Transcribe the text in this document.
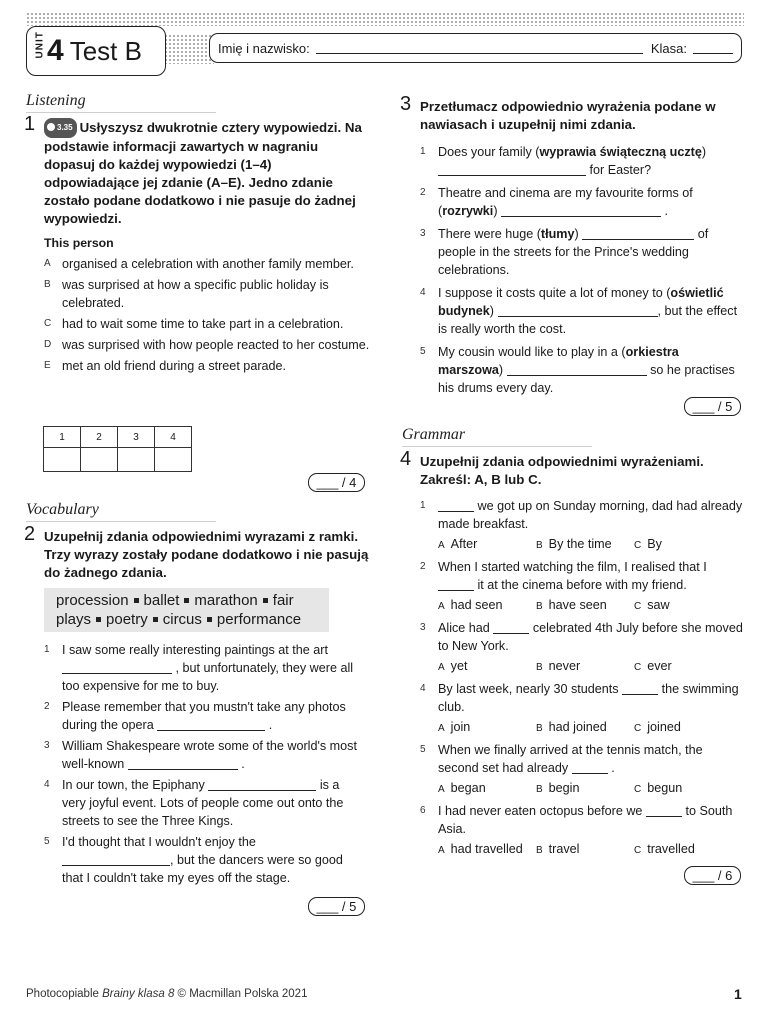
UNIT 4 Test B	Imię i nazwisko:	Klasa:
Listening
1	3.35 Usłyszysz dwukrotnie cztery wypowiedzi. Na podstawie informacji zawartych w nagraniu dopasuj do każdej wypowiedzi (1–4) odpowiadające jej zdanie (A–E). Jedno zdanie zostało podane dodatkowo i nie pasuje do żadnej wypowiedzi.
This person
A organised a celebration with another family member.
B was surprised at how a specific public holiday is celebrated.
C had to wait some time to take part in a celebration.
D was surprised with how people reacted to her costume.
E met an old friend during a street parade.
1	2	3	4

___ / 4
Vocabulary
2 Uzupełnij zdania odpowiednimi wyrazami z ramki. Trzy wyrazy zostały podane dodatkowo i nie pasują do żadnego zdania.
procession ballet marathon fair
plays poetry circus performance
1 I saw some really interesting paintings at the art  , but unfortunately, they were all too expensive for me to buy.
2 Please remember that you mustn't take any photos during the opera	.
3 William Shakespeare wrote some of the world's most well-known	.
4 In our town, the Epiphany	is a very joyful event. Lots of people come out onto the streets to see the Three Kings.
5 I'd thought that I wouldn't enjoy the , but the dancers were so good that I couldn't take my eyes off the stage.
___ / 5
3 Przetłumacz odpowiednio wyrażenia podane w nawiasach i uzupełnij nimi zdania.
1 Does your family (wyprawia świąteczną ucztę)  for Easter?
2 Theatre and cinema are my favourite forms of (rozrywki)	.
3 There were huge (tłumy)	of people in the streets for the Prince's wedding celebrations.
4 I suppose it costs quite a lot of money to (oświetlić budynek)	, but the effect is really worth the cost.
5 My cousin would like to play in a (orkiestra marszowa)	so he practises his drums every day.
___ / 5
Grammar
4 Uzupełnij zdania odpowiednimi wyrażeniami. Zakreśl: A, B lub C.
1	we got up on Sunday morning, dad had already made breakfast.
A After	B By the time	C By
2 When I started watching the film, I realised that I  it at the cinema before with my friend.
A had seen	B have seen	C saw
3 Alice had	celebrated 4th July before she moved to New York.
A yet	B never	C ever
4 By last week, nearly 30 students	the swimming club.
A join	B had joined	C joined
5 When we finally arrived at the tennis match, the second set had already	.
A began	B begin	C begun
6 I had never eaten octopus before we	to South Asia.
A had travelled	B travel	C travelled
___ / 6
Photocopiable Brainy klasa 8 © Macmillan Polska 2021	1
